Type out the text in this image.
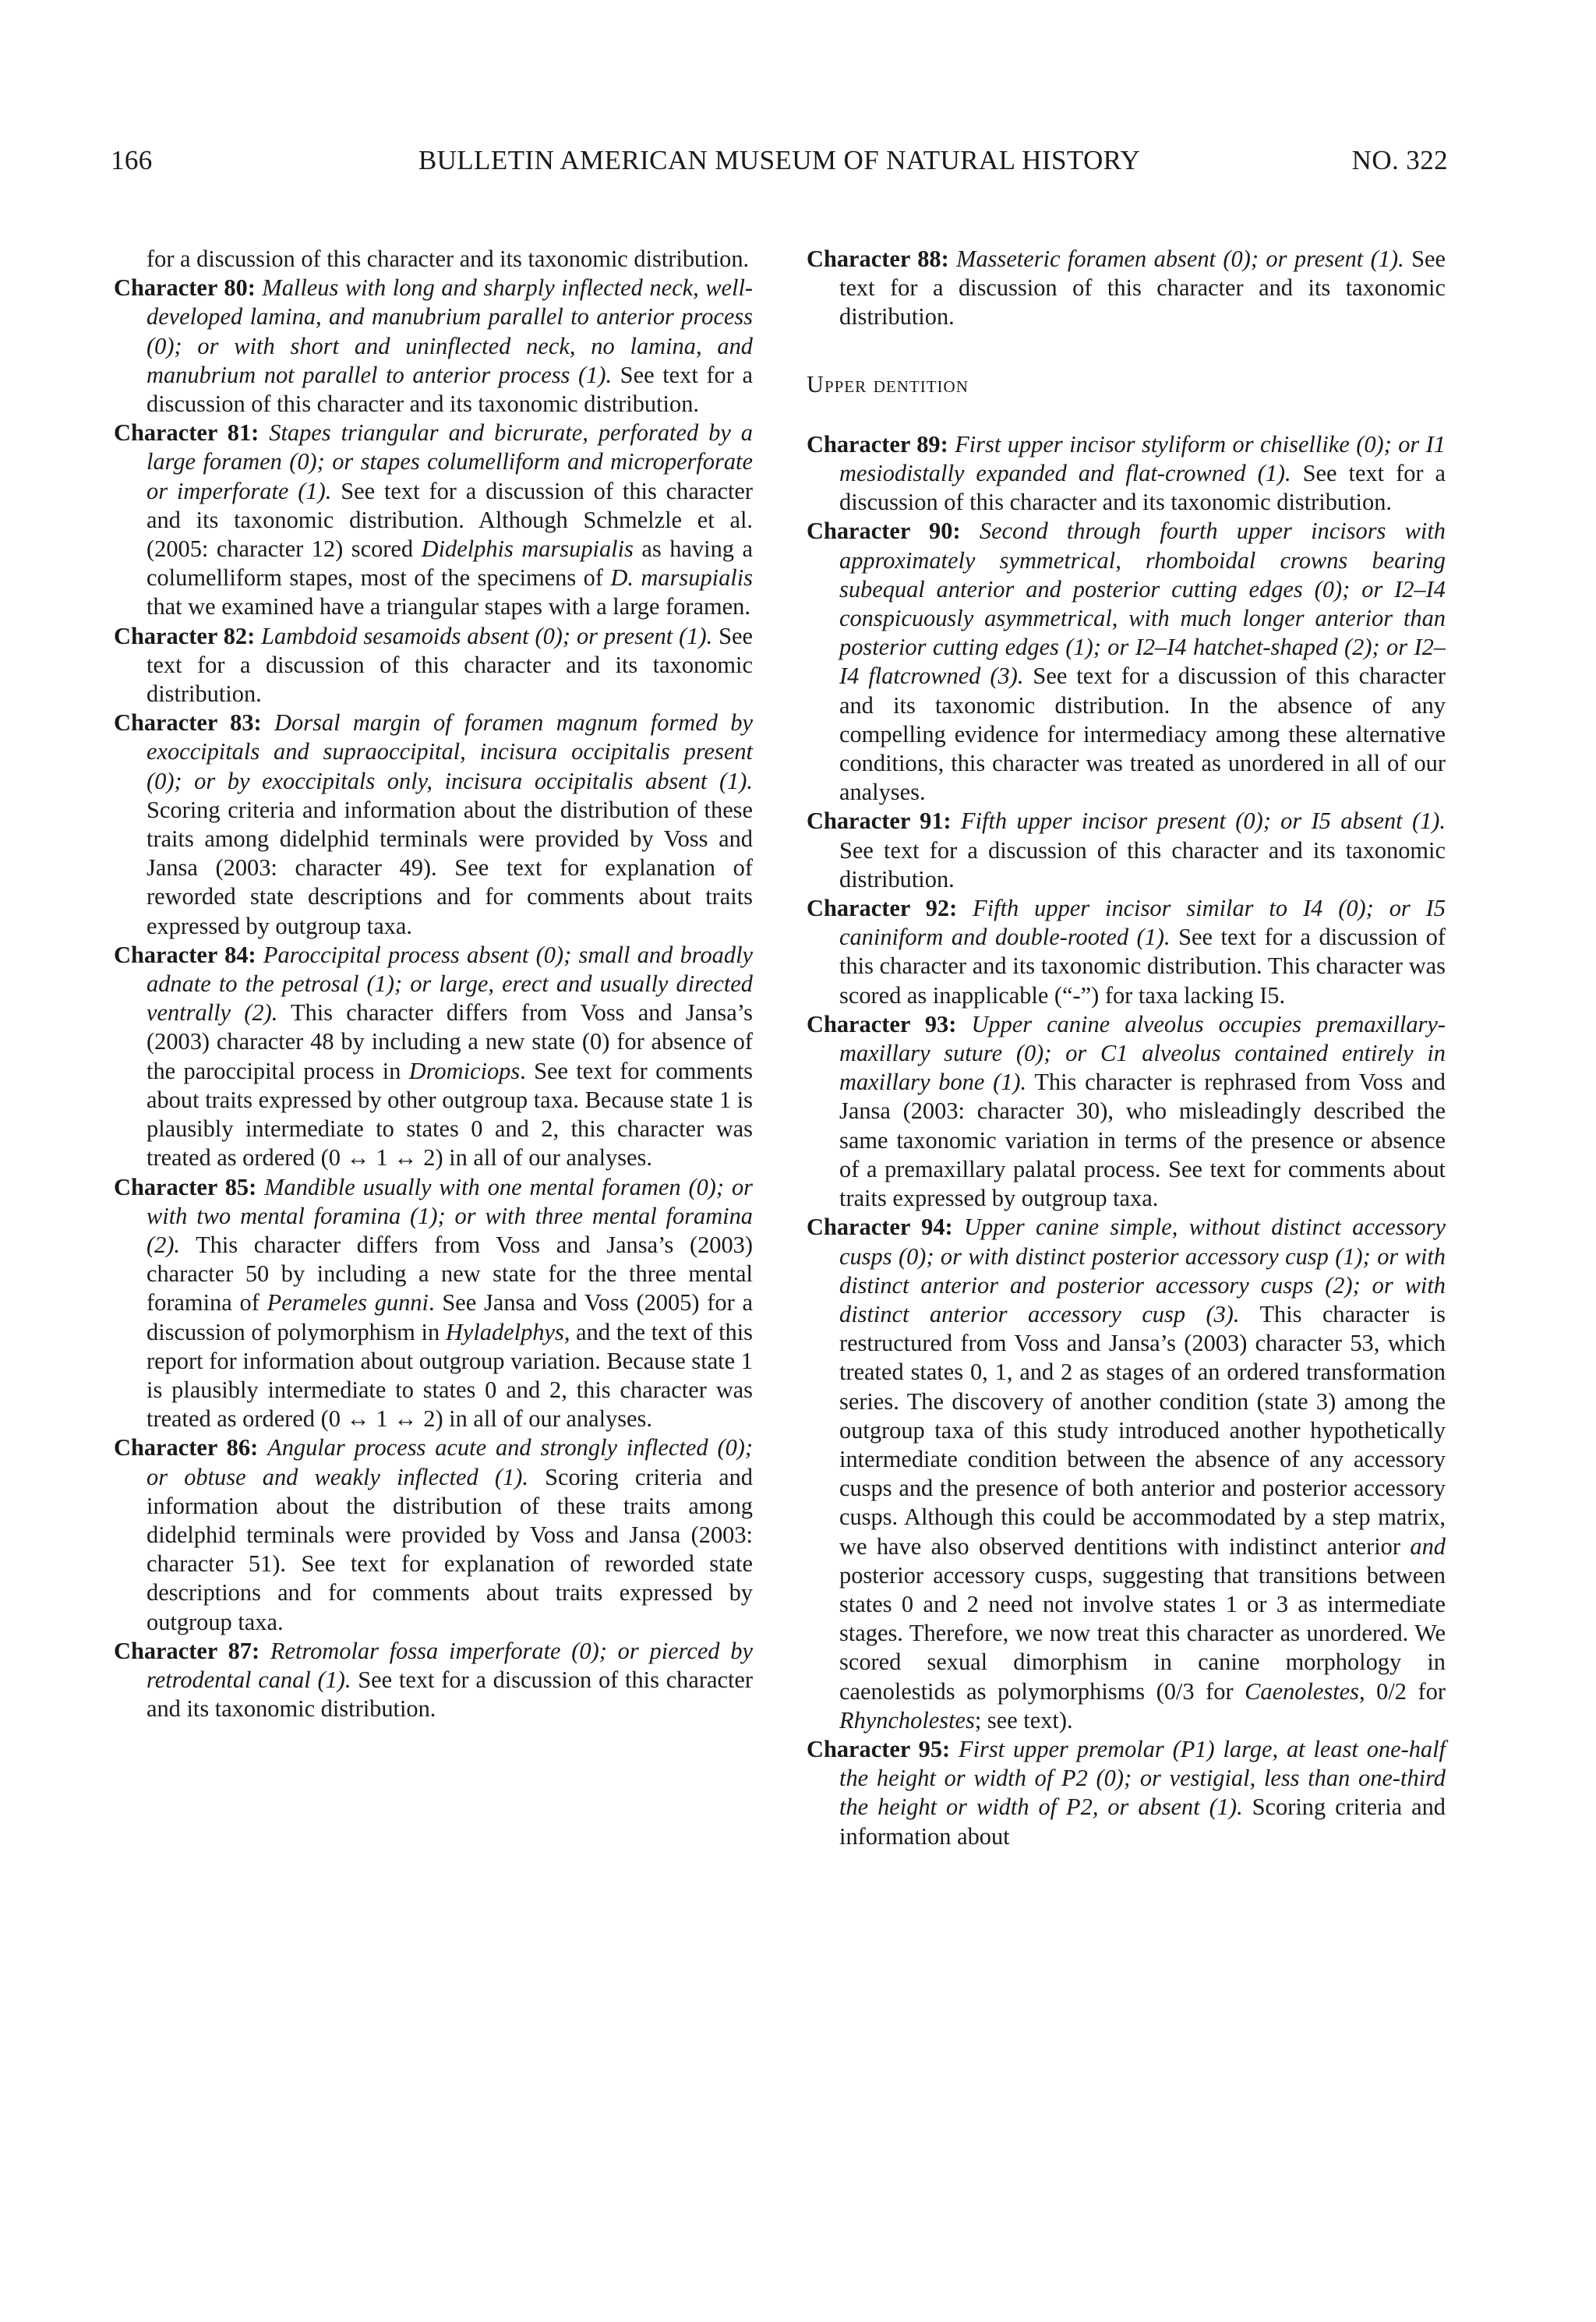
166	BULLETIN AMERICAN MUSEUM OF NATURAL HISTORY	NO. 322

for a discussion of this character and its taxonomic distribution.

Character 80: Malleus with long and sharply inflected neck, well-developed lamina, and manubrium parallel to anterior process (0); or with short and uninflected neck, no lamina, and manubrium not parallel to anterior process (1). See text for a discussion of this character and its taxonomic distribution.

Character 81: Stapes triangular and bicrurate, perforated by a large foramen (0); or stapes columelliform and microperforate or imperforate (1). See text for a discussion of this character and its taxonomic distribution. Although Schmelzle et al. (2005: character 12) scored Didelphis marsupialis as having a columelliform stapes, most of the specimens of D. marsupialis that we examined have a triangular stapes with a large foramen.

Character 82: Lambdoid sesamoids absent (0); or present (1). See text for a discussion of this character and its taxonomic distribution.

Character 83: Dorsal margin of foramen magnum formed by exoccipitals and supraoccipital, incisura occipitalis present (0); or by exoccipitals only, incisura occipitalis absent (1). Scoring criteria and information about the distribution of these traits among didelphid terminals were provided by Voss and Jansa (2003: character 49). See text for explanation of reworded state descriptions and for comments about traits expressed by outgroup taxa.

Character 84: Paroccipital process absent (0); small and broadly adnate to the petrosal (1); or large, erect and usually directed ventrally (2). This character differs from Voss and Jansa’s (2003) character 48 by including a new state (0) for absence of the paroccipital process in Dromiciops. See text for comments about traits expressed by other outgroup taxa. Because state 1 is plausibly intermediate to states 0 and 2, this character was treated as ordered (0 ↔ 1 ↔ 2) in all of our analyses.

Character 85: Mandible usually with one mental foramen (0); or with two mental foramina (1); or with three mental foramina (2). This character differs from Voss and Jansa’s (2003) character 50 by including a new state for the three mental foramina of Perameles gunni. See Jansa and Voss (2005) for a discussion of polymorphism in Hyladelphys, and the text of this report for information about outgroup variation. Because state 1 is plausibly intermediate to states 0 and 2, this character was treated as ordered (0 ↔ 1 ↔ 2) in all of our analyses.

Character 86: Angular process acute and strongly inflected (0); or obtuse and weakly inflected (1). Scoring criteria and information about the distribution of these traits among didelphid terminals were provided by Voss and Jansa (2003: character 51). See text for explanation of reworded state descriptions and for comments about traits expressed by outgroup taxa.

Character 87: Retromolar fossa imperforate (0); or pierced by retrodental canal (1). See text for a discussion of this character and its taxonomic distribution.

Character 88: Masseteric foramen absent (0); or present (1). See text for a discussion of this character and its taxonomic distribution.

Upper dentition

Character 89: First upper incisor styliform or chisellike (0); or I1 mesiodistally expanded and flat-crowned (1). See text for a discussion of this character and its taxonomic distribution.

Character 90: Second through fourth upper incisors with approximately symmetrical, rhomboidal crowns bearing subequal anterior and posterior cutting edges (0); or I2–I4 conspicuously asymmetrical, with much longer anterior than posterior cutting edges (1); or I2–I4 hatchet-shaped (2); or I2–I4 flatcrowned (3). See text for a discussion of this character and its taxonomic distribution. In the absence of any compelling evidence for intermediacy among these alternative conditions, this character was treated as unordered in all of our analyses.

Character 91: Fifth upper incisor present (0); or I5 absent (1). See text for a discussion of this character and its taxonomic distribution.

Character 92: Fifth upper incisor similar to I4 (0); or I5 caniniform and double-rooted (1). See text for a discussion of this character and its taxonomic distribution. This character was scored as inapplicable (“-”) for taxa lacking I5.

Character 93: Upper canine alveolus occupies premaxillary-maxillary suture (0); or C1 alveolus contained entirely in maxillary bone (1). This character is rephrased from Voss and Jansa (2003: character 30), who misleadingly described the same taxonomic variation in terms of the presence or absence of a premaxillary palatal process. See text for comments about traits expressed by outgroup taxa.

Character 94: Upper canine simple, without distinct accessory cusps (0); or with distinct posterior accessory cusp (1); or with distinct anterior and posterior accessory cusps (2); or with distinct anterior accessory cusp (3). This character is restructured from Voss and Jansa’s (2003) character 53, which treated states 0, 1, and 2 as stages of an ordered transformation series. The discovery of another condition (state 3) among the outgroup taxa of this study introduced another hypothetically intermediate condition between the absence of any accessory cusps and the presence of both anterior and posterior accessory cusps. Although this could be accommodated by a step matrix, we have also observed dentitions with indistinct anterior and posterior accessory cusps, suggesting that transitions between states 0 and 2 need not involve states 1 or 3 as intermediate stages. Therefore, we now treat this character as unordered. We scored sexual dimorphism in canine morphology in caenolestids as polymorphisms (0/3 for Caenolestes, 0/2 for Rhyncholestes; see text).

Character 95: First upper premolar (P1) large, at least one-half the height or width of P2 (0); or vestigial, less than one-third the height or width of P2, or absent (1). Scoring criteria and information about
